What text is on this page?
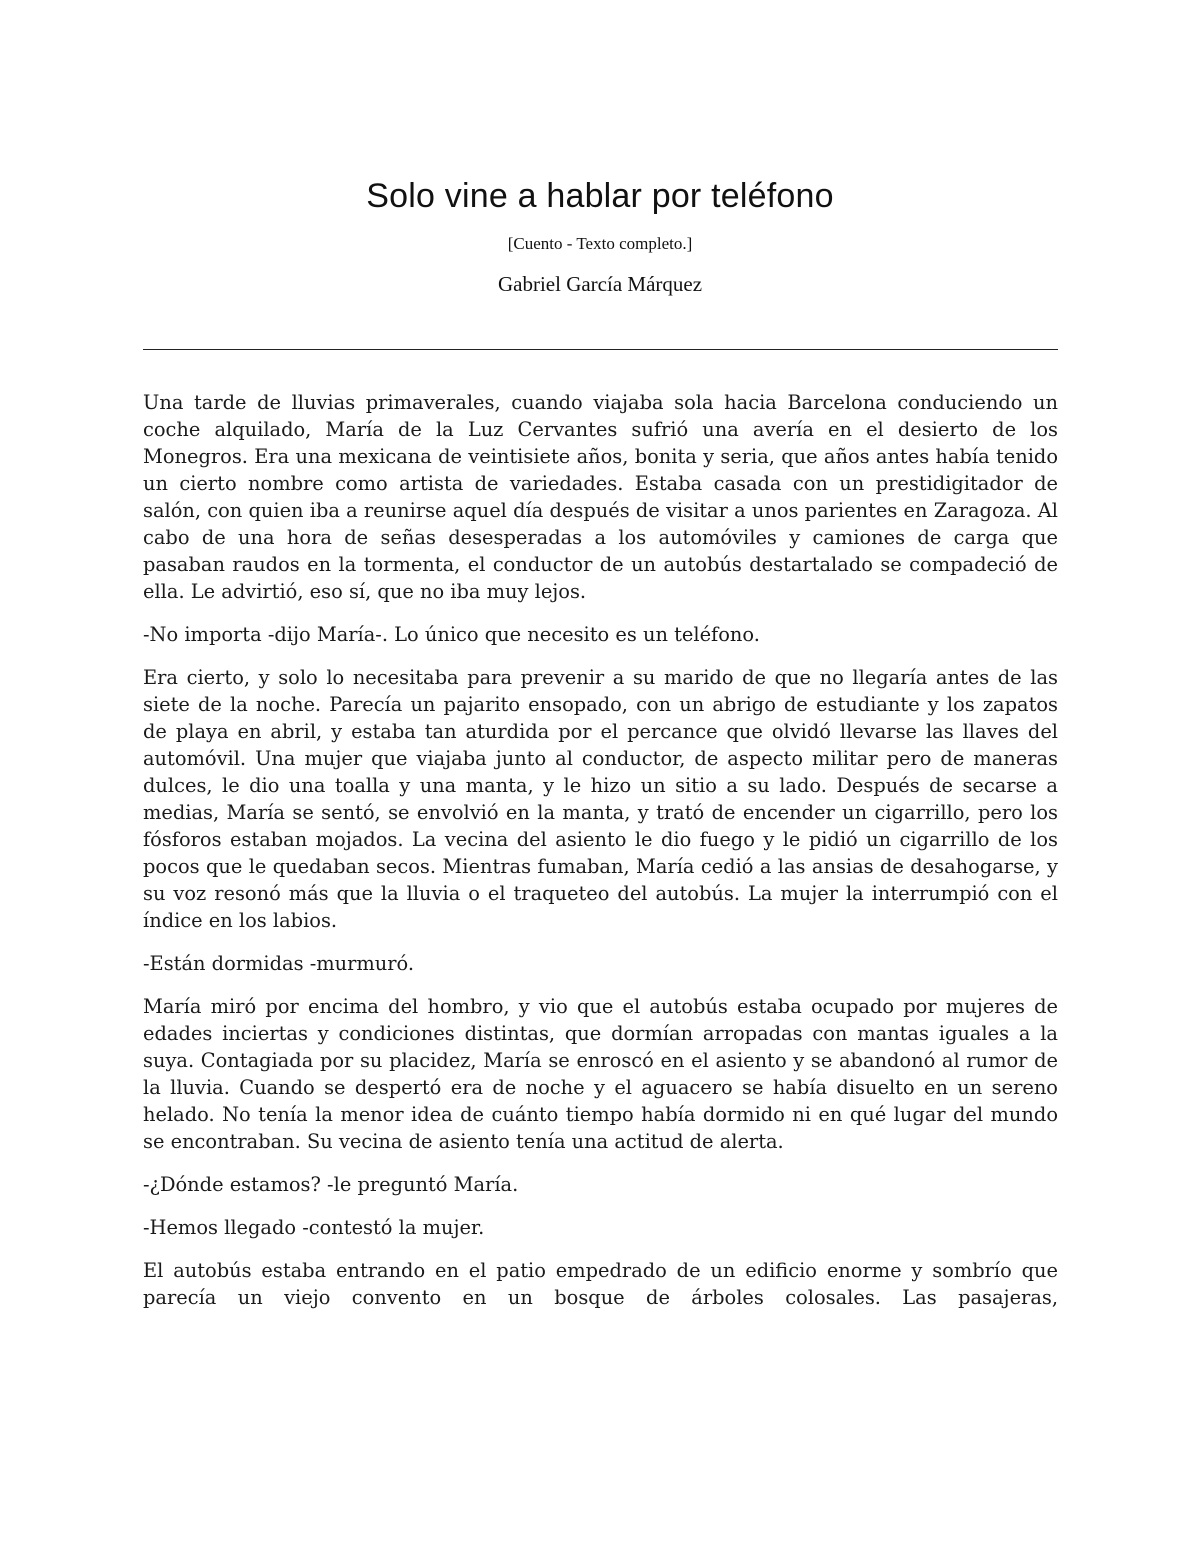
Solo vine a hablar por teléfono
[Cuento - Texto completo.]
Gabriel García Márquez

Una tarde de lluvias primaverales, cuando viajaba sola hacia Barcelona conduciendo un coche alquilado, María de la Luz Cervantes sufrió una avería en el desierto de los Monegros. Era una mexicana de veintisiete años, bonita y seria, que años antes había tenido un cierto nombre como artista de variedades. Estaba casada con un prestidigitador de salón, con quien iba a reunirse aquel día después de visitar a unos parientes en Zaragoza. Al cabo de una hora de señas desesperadas a los automóviles y camiones de carga que pasaban raudos en la tormenta, el conductor de un autobús destartalado se compadeció de ella. Le advirtió, eso sí, que no iba muy lejos.

-No importa -dijo María-. Lo único que necesito es un teléfono.

Era cierto, y solo lo necesitaba para prevenir a su marido de que no llegaría antes de las siete de la noche. Parecía un pajarito ensopado, con un abrigo de estudiante y los zapatos de playa en abril, y estaba tan aturdida por el percance que olvidó llevarse las llaves del automóvil. Una mujer que viajaba junto al conductor, de aspecto militar pero de maneras dulces, le dio una toalla y una manta, y le hizo un sitio a su lado. Después de secarse a medias, María se sentó, se envolvió en la manta, y trató de encender un cigarrillo, pero los fósforos estaban mojados. La vecina del asiento le dio fuego y le pidió un cigarrillo de los pocos que le quedaban secos. Mientras fumaban, María cedió a las ansias de desahogarse, y su voz resonó más que la lluvia o el traqueteo del autobús. La mujer la interrumpió con el índice en los labios.

-Están dormidas -murmuró.

María miró por encima del hombro, y vio que el autobús estaba ocupado por mujeres de edades inciertas y condiciones distintas, que dormían arropadas con mantas iguales a la suya. Contagiada por su placidez, María se enroscó en el asiento y se abandonó al rumor de la lluvia. Cuando se despertó era de noche y el aguacero se había disuelto en un sereno helado. No tenía la menor idea de cuánto tiempo había dormido ni en qué lugar del mundo se encontraban. Su vecina de asiento tenía una actitud de alerta.

-¿Dónde estamos? -le preguntó María.

-Hemos llegado -contestó la mujer.

El autobús estaba entrando en el patio empedrado de un edificio enorme y sombrío que parecía un viejo convento en un bosque de árboles colosales. Las pasajeras,
